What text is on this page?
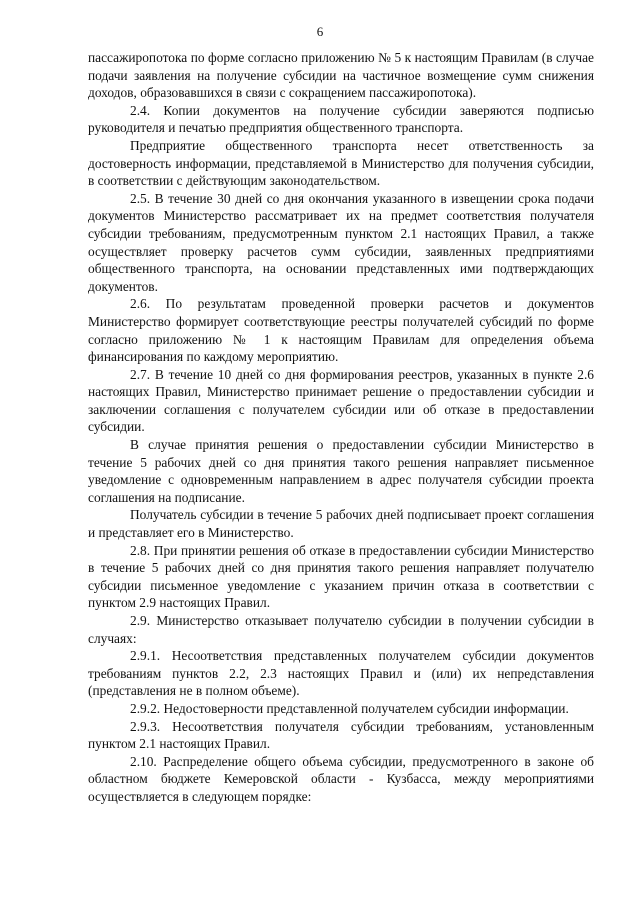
6

пассажиропотока по форме согласно приложению № 5 к настоящим Правилам (в случае подачи заявления на получение субсидии на частичное возмещение сумм снижения доходов, образовавшихся в связи с сокращением пассажиропотока).

2.4. Копии документов на получение субсидии заверяются подписью руководителя и печатью предприятия общественного транспорта.

Предприятие общественного транспорта несет ответственность за достоверность информации, представляемой в Министерство для получения субсидии, в соответствии с действующим законодательством.

2.5. В течение 30 дней со дня окончания указанного в извещении срока подачи документов Министерство рассматривает их на предмет соответствия получателя субсидии требованиям, предусмотренным пунктом 2.1 настоящих Правил, а также осуществляет проверку расчетов сумм субсидии, заявленных предприятиями общественного транспорта, на основании представленных ими подтверждающих документов.

2.6. По результатам проведенной проверки расчетов и документов Министерство формирует соответствующие реестры получателей субсидий по форме согласно приложению № 1 к настоящим Правилам для определения объема финансирования по каждому мероприятию.

2.7. В течение 10 дней со дня формирования реестров, указанных в пункте 2.6 настоящих Правил, Министерство принимает решение о предоставлении субсидии и заключении соглашения с получателем субсидии или об отказе в предоставлении субсидии.

В случае принятия решения о предоставлении субсидии Министерство в течение 5 рабочих дней со дня принятия такого решения направляет письменное уведомление с одновременным направлением в адрес получателя субсидии проекта соглашения на подписание.

Получатель субсидии в течение 5 рабочих дней подписывает проект соглашения и представляет его в Министерство.

2.8. При принятии решения об отказе в предоставлении субсидии Министерство в течение 5 рабочих дней со дня принятия такого решения направляет получателю субсидии письменное уведомление с указанием причин отказа в соответствии с пунктом 2.9 настоящих Правил.

2.9. Министерство отказывает получателю субсидии в получении субсидии в случаях:

2.9.1. Несоответствия представленных получателем субсидии документов требованиям пунктов 2.2, 2.3 настоящих Правил и (или) их непредставления (представления не в полном объеме).

2.9.2. Недостоверности представленной получателем субсидии информации.

2.9.3. Несоответствия получателя субсидии требованиям, установленным пунктом 2.1 настоящих Правил.

2.10. Распределение общего объема субсидии, предусмотренного в законе об областном бюджете Кемеровской области - Кузбасса, между мероприятиями осуществляется в следующем порядке:
